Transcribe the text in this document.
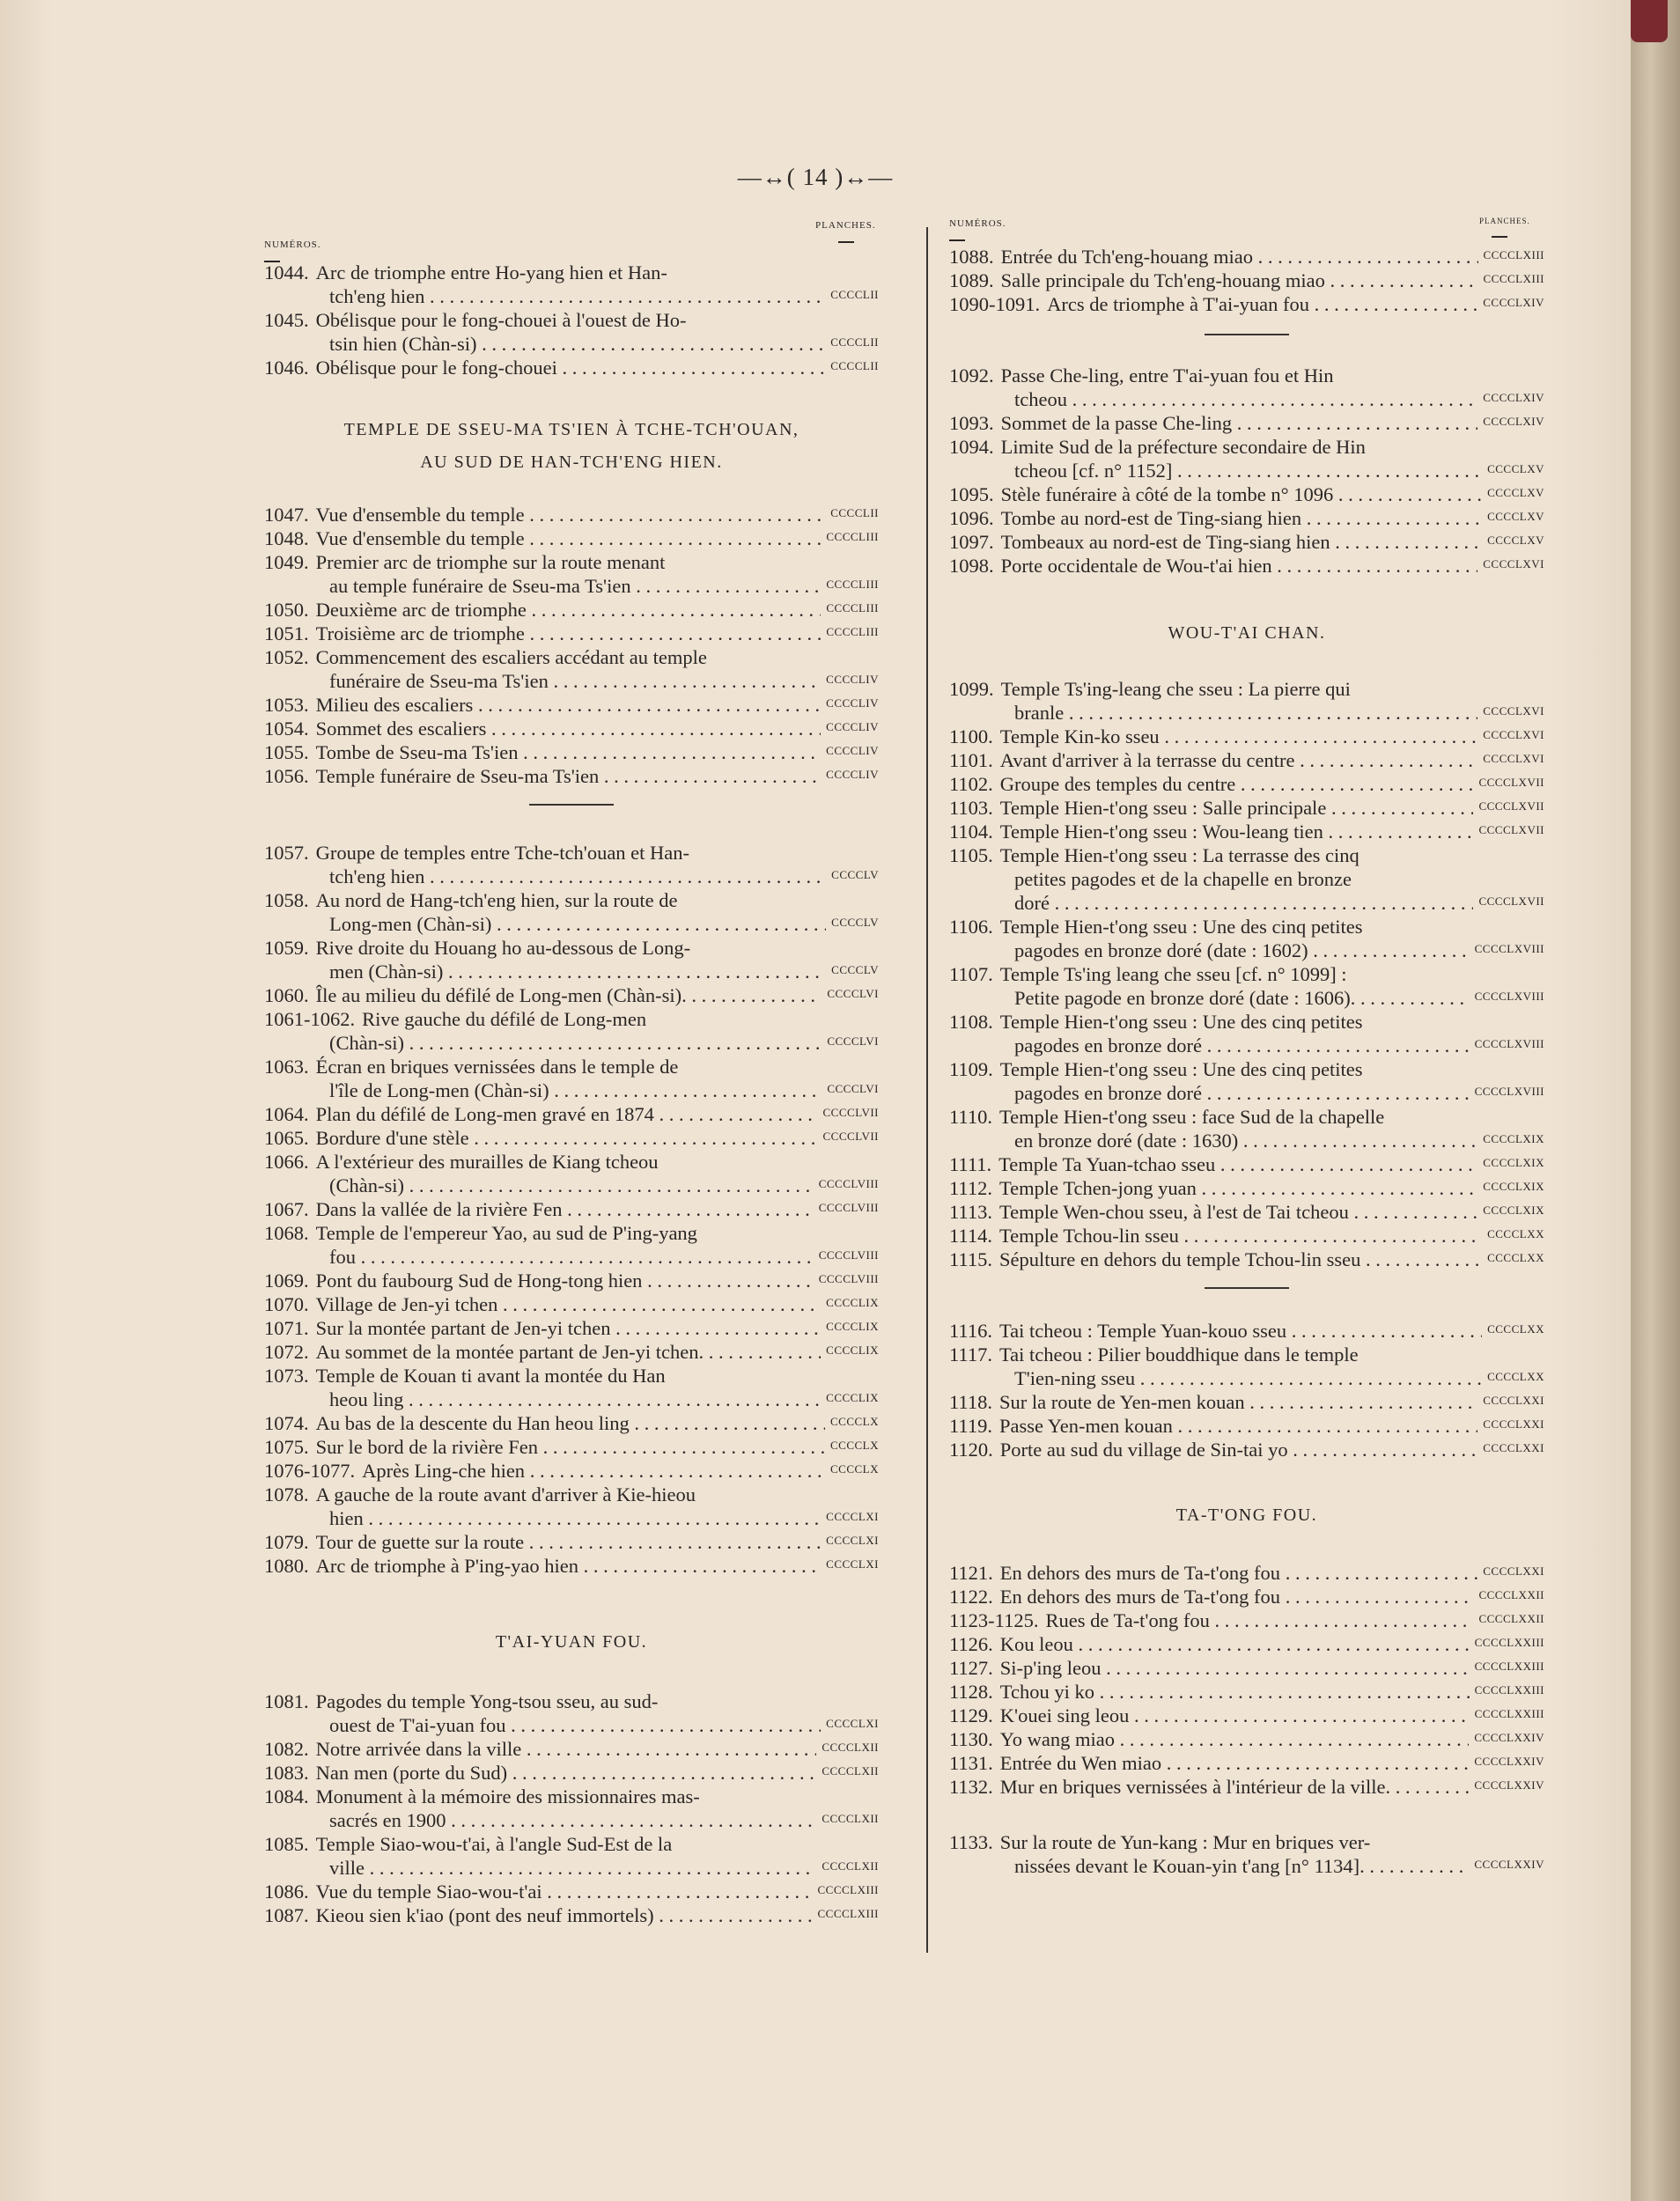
—↔( 14 )↔—
NUMÉROS.
PLANCHES.	NUMÉROS.	PLANCHES.
1044. Arc de triomphe entre Ho-yang hien et Han-
tch'eng hien . . .	CCCCLII
1045. Obélisque pour le fong-chouei à l'ouest de Ho-
tsin hien (Chàn-si) . . .	CCCCLII
1046. Obélisque pour le fong-chouei . . .	CCCCLII
TEMPLE DE SSEU-MA TS'IEN À TCHE-TCH'OUAN,
AU SUD DE HAN-TCH'ENG HIEN.
1047. Vue d'ensemble du temple . . .	CCCCLII
1048. Vue d'ensemble du temple . . .	CCCCLIII
1049. Premier arc de triomphe sur la route menant
au temple funéraire de Sseu-ma Ts'ien . . .	CCCCLIII
1050. Deuxième arc de triomphe . . .	CCCCLIII
1051. Troisième arc de triomphe . . .	CCCCLIII
1052. Commencement des escaliers accédant au temple
funéraire de Sseu-ma Ts'ien . . .	CCCCLIV
1053. Milieu des escaliers . . .	CCCCLIV
1054. Sommet des escaliers . . .	CCCCLIV
1055. Tombe de Sseu-ma Ts'ien . . .	CCCCLIV
1056. Temple funéraire de Sseu-ma Ts'ien . . .	CCCCLIV
1057. Groupe de temples entre Tche-tch'ouan et Han-
tch'eng hien . . .	CCCCLV
1058. Au nord de Hang-tch'eng hien, sur la route de
Long-men (Chàn-si) . . .	CCCCLV
1059. Rive droite du Houang ho au-dessous de Long-
men (Chàn-si) . . .	CCCCLV
1060. Île au milieu du défilé de Long-men (Chàn-si). . . .	CCCCLVI
1061-1062. Rive gauche du défilé de Long-men
(Chàn-si) . . .	CCCCLVI
1063. Écran en briques vernissées dans le temple de
l'île de Long-men (Chàn-si) . . .	CCCCLVI
1064. Plan du défilé de Long-men gravé en 1874 . . .	CCCCLVII
1065. Bordure d'une stèle . . .	CCCCLVII
1066. A l'extérieur des murailles de Kiang tcheou
(Chàn-si) . . .	CCCCLVIII
1067. Dans la vallée de la rivière Fen . . .	CCCCLVIII
1068. Temple de l'empereur Yao, au sud de P'ing-yang
fou . . .	CCCCLVIII
1069. Pont du faubourg Sud de Hong-tong hien . . .	CCCCLVIII
1070. Village de Jen-yi tchen . . .	CCCCLIX
1071. Sur la montée partant de Jen-yi tchen . . .	CCCCLIX
1072. Au sommet de la montée partant de Jen-yi tchen. . . .	CCCCLIX
1073. Temple de Kouan ti avant la montée du Han
heou ling . . .	CCCCLIX
1074. Au bas de la descente du Han heou ling . . .	CCCCLX
1075. Sur le bord de la rivière Fen . . .	CCCCLX
1076-1077. Après Ling-che hien . . .	CCCCLX
1078. A gauche de la route avant d'arriver à Kie-hieou
hien . . .	CCCCLXI
1079. Tour de guette sur la route . . .	CCCCLXI
1080. Arc de triomphe à P'ing-yao hien . . .	CCCCLXI
T'AI-YUAN FOU.
1081. Pagodes du temple Yong-tsou sseu, au sud-
ouest de T'ai-yuan fou . . .	CCCCLXI
1082. Notre arrivée dans la ville . . .	CCCCLXII
1083. Nan men (porte du Sud) . . .	CCCCLXII
1084. Monument à la mémoire des missionnaires mas-
sacrés en 1900 . . .	CCCCLXII
1085. Temple Siao-wou-t'ai, à l'angle Sud-Est de la
ville . . .	CCCCLXII
1086. Vue du temple Siao-wou-t'ai . . .	CCCCLXIII
1087. Kieou sien k'iao (pont des neuf immortels) . . .	CCCCLXIII
1088. Entrée du Tch'eng-houang miao . . .	CCCCLXIII
1089. Salle principale du Tch'eng-houang miao . . .	CCCCLXIII
1090-1091. Arcs de triomphe à T'ai-yuan fou . . .	CCCCLXIV
1092. Passe Che-ling, entre T'ai-yuan fou et Hin
tcheou . . .	CCCCLXIV
1093. Sommet de la passe Che-ling . . .	CCCCLXIV
1094. Limite Sud de la préfecture secondaire de Hin
tcheou [cf. n° 1152] . . .	CCCCLXV
1095. Stèle funéraire à côté de la tombe n° 1096 . . .	CCCCLXV
1096. Tombe au nord-est de Ting-siang hien . . .	CCCCLXV
1097. Tombeaux au nord-est de Ting-siang hien . . .	CCCCLXV
1098. Porte occidentale de Wou-t'ai hien . . .	CCCCLXVI
WOU-T'AI CHAN.
1099. Temple Ts'ing-leang che sseu : La pierre qui
branle . . .	CCCCLXVI
1100. Temple Kin-ko sseu . . .	CCCCLXVI
1101. Avant d'arriver à la terrasse du centre . . .	CCCCLXVI
1102. Groupe des temples du centre . . .	CCCCLXVII
1103. Temple Hien-t'ong sseu : Salle principale . . .	CCCCLXVII
1104. Temple Hien-t'ong sseu : Wou-leang tien . . .	CCCCLXVII
1105. Temple Hien-t'ong sseu : La terrasse des cinq
petites pagodes et de la chapelle en bronze
doré . . .	CCCCLXVII
1106. Temple Hien-t'ong sseu : Une des cinq petites
pagodes en bronze doré (date : 1602) . . .	CCCCLXVIII
1107. Temple Ts'ing leang che sseu [cf. n° 1099] :
Petite pagode en bronze doré (date : 1606). . . .	CCCCLXVIII
1108. Temple Hien-t'ong sseu : Une des cinq petites
pagodes en bronze doré . . .	CCCCLXVIII
1109. Temple Hien-t'ong sseu : Une des cinq petites
pagodes en bronze doré . . .	CCCCLXVIII
1110. Temple Hien-t'ong sseu : face Sud de la chapelle
en bronze doré (date : 1630) . . .	CCCCLXIX
1111. Temple Ta Yuan-tchao sseu . . .	CCCCLXIX
1112. Temple Tchen-jong yuan . . .	CCCCLXIX
1113. Temple Wen-chou sseu, à l'est de Tai tcheou . . .	CCCCLXIX
1114. Temple Tchou-lin sseu . . .	CCCCLXX
1115. Sépulture en dehors du temple Tchou-lin sseu . . .	CCCCLXX
1116. Tai tcheou : Temple Yuan-kouo sseu . . .	CCCCLXX
1117. Tai tcheou : Pilier bouddhique dans le temple
T'ien-ning sseu . . .	CCCCLXX
1118. Sur la route de Yen-men kouan . . .	CCCCLXXI
1119. Passe Yen-men kouan . . .	CCCCLXXI
1120. Porte au sud du village de Sin-tai yo . . .	CCCCLXXI
TA-T'ONG FOU.
1121. En dehors des murs de Ta-t'ong fou . . .	CCCCLXXI
1122. En dehors des murs de Ta-t'ong fou . . .	CCCCLXXII
1123-1125. Rues de Ta-t'ong fou . . .	CCCCLXXII
1126. Kou leou . . .	CCCCLXXIII
1127. Si-p'ing leou . . .	CCCCLXXIII
1128. Tchou yi ko . . .	CCCCLXXIII
1129. K'ouei sing leou . . .	CCCCLXXIII
1130. Yo wang miao . . .	CCCCLXXIV
1131. Entrée du Wen miao . . .	CCCCLXXIV
1132. Mur en briques vernissées à l'intérieur de la ville. . . .	CCCCLXXIV
1133. Sur la route de Yun-kang : Mur en briques ver-
nissées devant le Kouan-yin t'ang [n° 1134]. . . .	CCCCLXXIV
